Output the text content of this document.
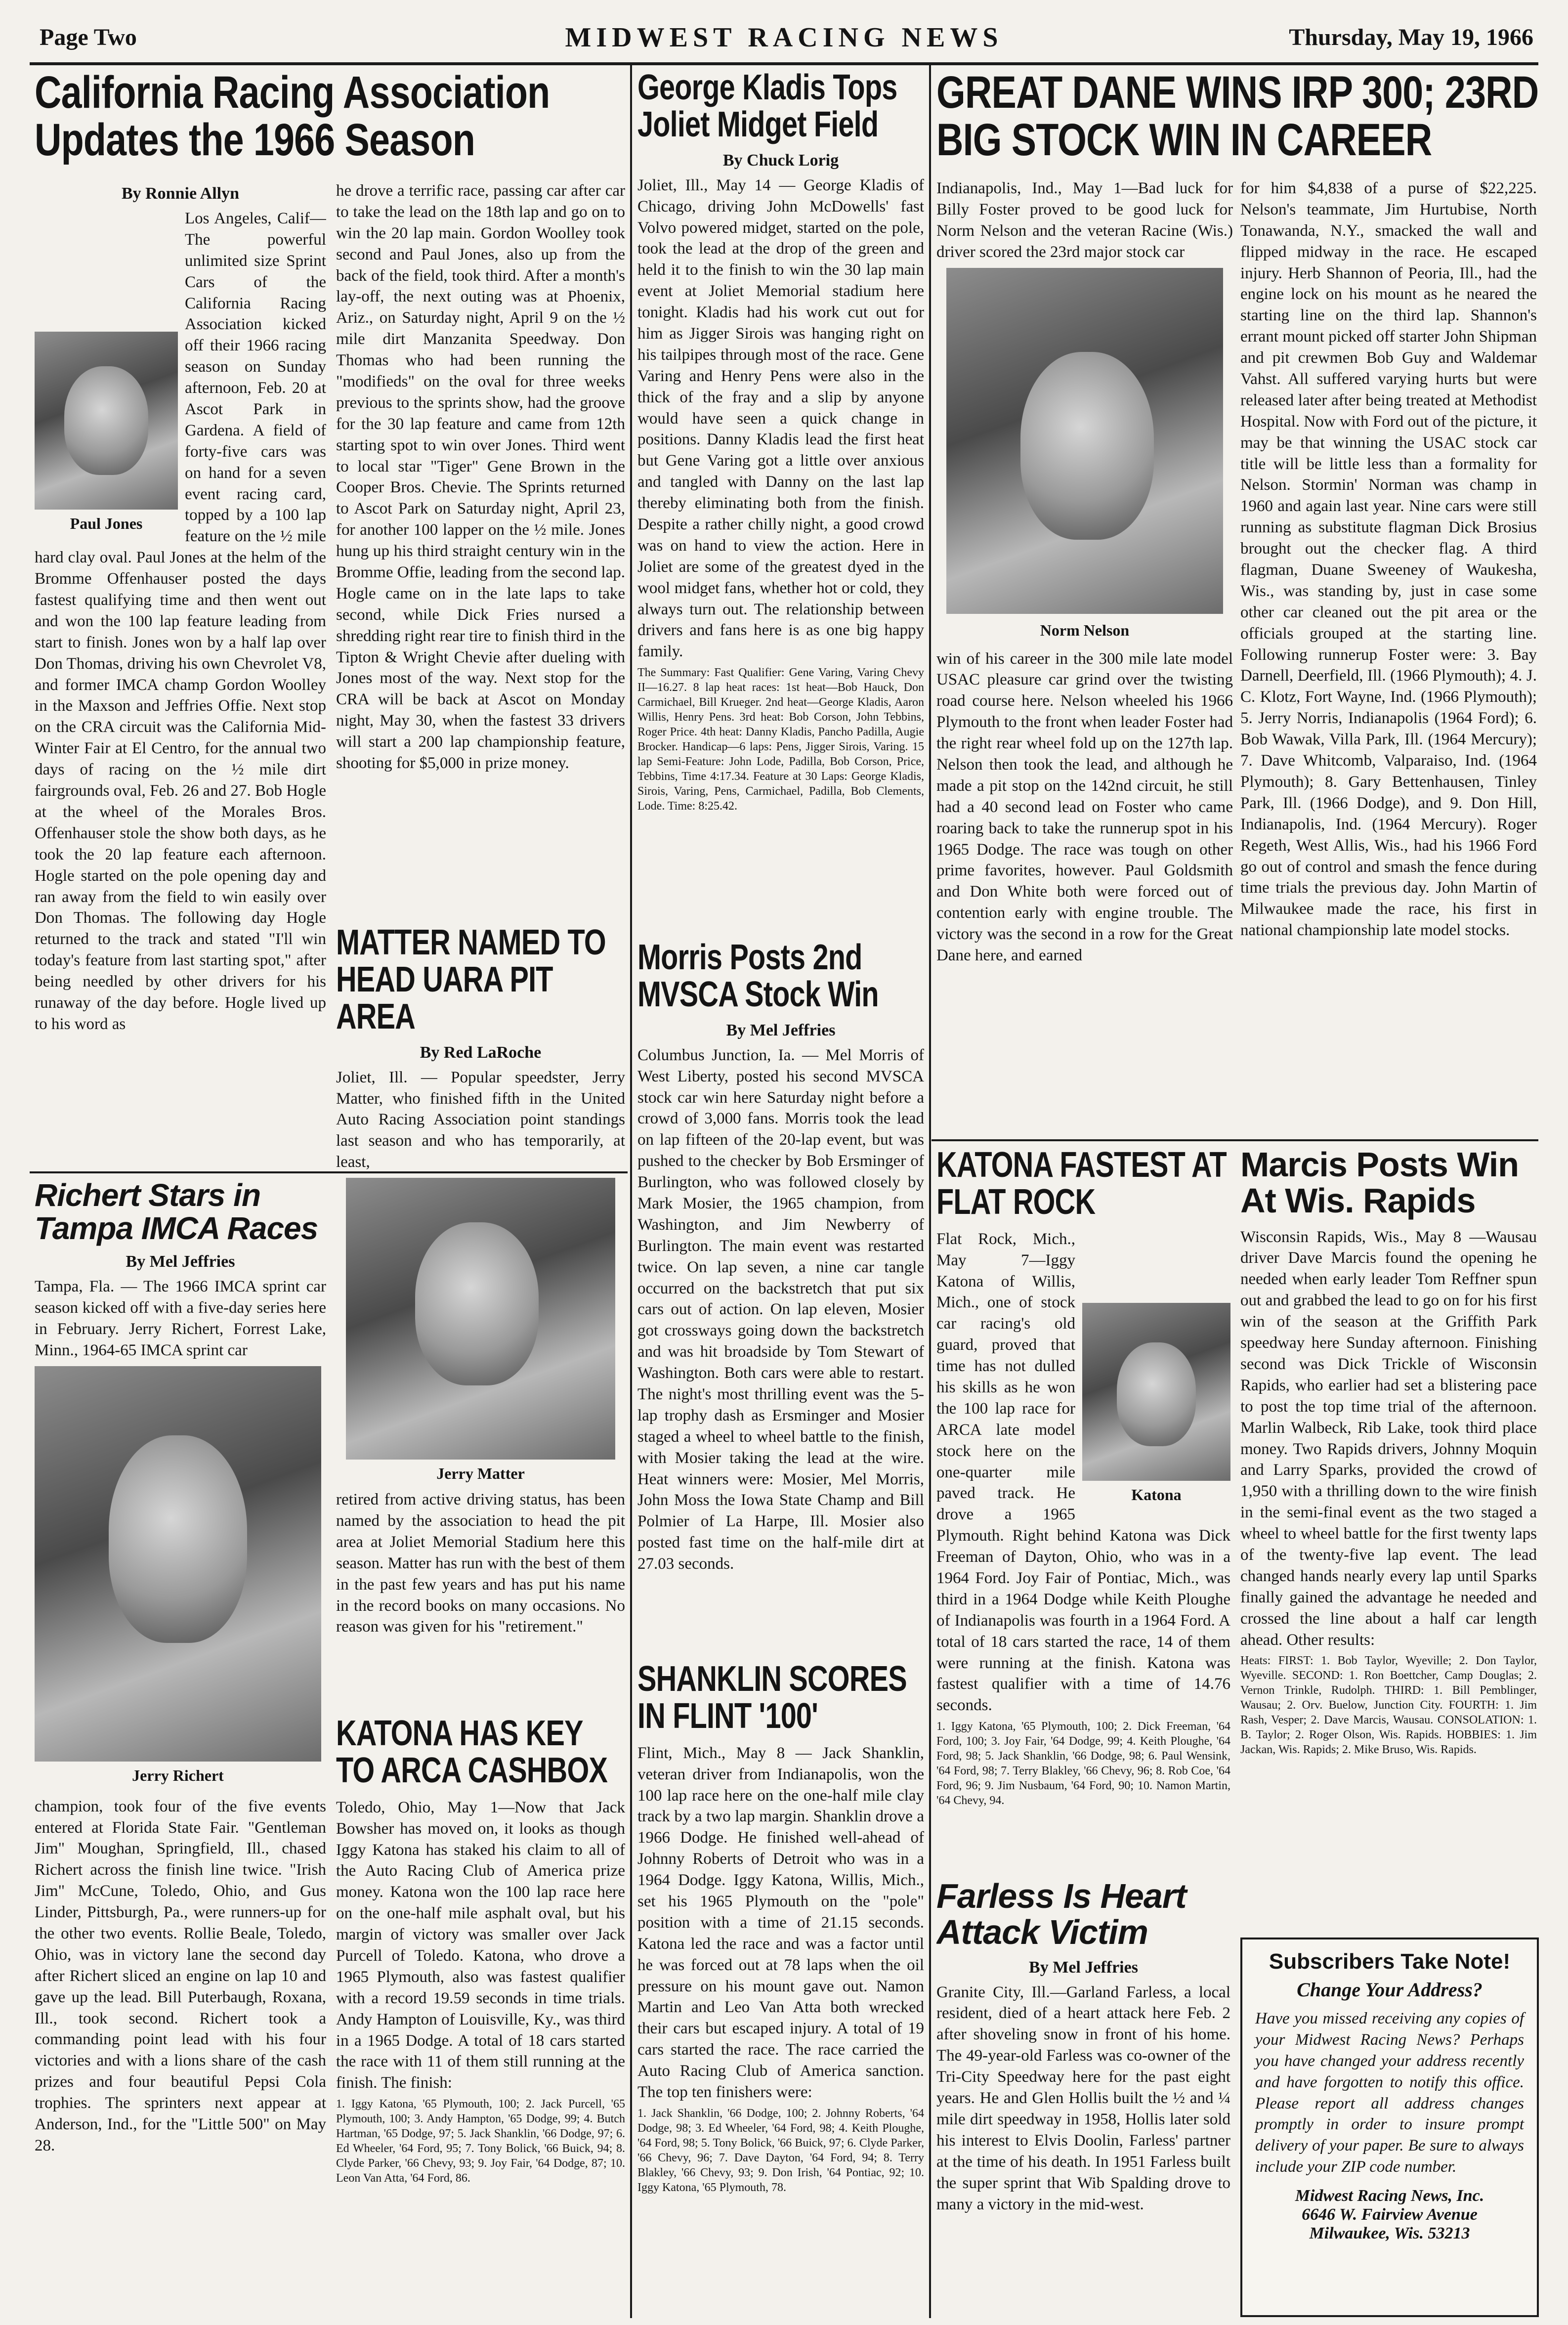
Page Two	MIDWEST RACING NEWS	Thursday, May 19, 1966
California Racing Association Updates the 1966 Season
By Ronnie Allyn
Paul Jones

Los Angeles, Calif—The powerful unlimited size Sprint Cars of the California Racing Association kicked off their 1966 racing season on Sunday afternoon, Feb. 20 at Ascot Park in Gardena. A field of forty-five cars was on hand for a seven event racing card, topped by a 100 lap feature on the ½ mile hard clay oval. Paul Jones at the helm of the Bromme Offenhauser posted the days fastest qualifying time and then went out and won the 100 lap feature leading from start to finish. Jones won by a half lap over Don Thomas, driving his own Chevrolet V8, and former IMCA champ Gordon Woolley in the Maxson and Jeffries Offie. Next stop on the CRA circuit was the California Mid-Winter Fair at El Centro, for the annual two days of racing on the ½ mile dirt fairgrounds oval, Feb. 26 and 27. Bob Hogle at the wheel of the Morales Bros. Offenhauser stole the show both days, as he took the 20 lap feature each afternoon. Hogle started on the pole opening day and ran away from the field to win easily over Don Thomas. The following day Hogle returned to the track and stated "I'll win today's feature from last starting spot," after being needled by other drivers for his runaway of the day before. Hogle lived up to his word as

he drove a terrific race, passing car after car to take the lead on the 18th lap and go on to win the 20 lap main. Gordon Woolley took second and Paul Jones, also up from the back of the field, took third. After a month's lay-off, the next outing was at Phoenix, Ariz., on Saturday night, April 9 on the ½ mile dirt Manzanita Speedway. Don Thomas who had been running the "modifieds" on the oval for three weeks previous to the sprints show, had the groove for the 30 lap feature and came from 12th starting spot to win over Jones. Third went to local star "Tiger" Gene Brown in the Cooper Bros. Chevie. The Sprints returned to Ascot Park on Saturday night, April 23, for another 100 lapper on the ½ mile. Jones hung up his third straight century win in the Bromme Offie, leading from the second lap. Hogle came on in the late laps to take second, while Dick Fries nursed a shredding right rear tire to finish third in the Tipton & Wright Chevie after dueling with Jones most of the way. Next stop for the CRA will be back at Ascot on Monday night, May 30, when the fastest 33 drivers will start a 200 lap championship feature, shooting for $5,000 in prize money.

Richert Stars in Tampa IMCA Races
By Mel Jeffries

Tampa, Fla. — The 1966 IMCA sprint car season kicked off with a five-day series here in February. Jerry Richert, Forrest Lake, Minn., 1964-65 IMCA sprint car

Jerry Richert

champion, took four of the five events entered at Florida State Fair. "Gentleman Jim" Moughan, Springfield, Ill., chased Richert across the finish line twice. "Irish Jim" McCune, Toledo, Ohio, and Gus Linder, Pittsburgh, Pa., were runners-up for the other two events. Rollie Beale, Toledo, Ohio, was in victory lane the second day after Richert sliced an engine on lap 10 and gave up the lead. Bill Puterbaugh, Roxana, Ill., took second. Richert took a commanding point lead with his four victories and with a lions share of the cash prizes and four beautiful Pepsi Cola trophies. The sprinters next appear at Anderson, Ind., for the "Little 500" on May 28.

MATTER NAMED TO HEAD UARA PIT AREA
By Red LaRoche

Joliet, Ill. — Popular speedster, Jerry Matter, who finished fifth in the United Auto Racing Association point standings last season and who has temporarily, at least,

Jerry Matter

retired from active driving status, has been named by the association to head the pit area at Joliet Memorial Stadium here this season. Matter has run with the best of them in the past few years and has put his name in the record books on many occasions. No reason was given for his "retirement."

KATONA HAS KEY TO ARCA CASHBOX

Toledo, Ohio, May 1—Now that Jack Bowsher has moved on, it looks as though Iggy Katona has staked his claim to all of the Auto Racing Club of America prize money. Katona won the 100 lap race here on the one-half mile asphalt oval, but his margin of victory was smaller over Jack Purcell of Toledo. Katona, who drove a 1965 Plymouth, also was fastest qualifier with a record 19.59 seconds in time trials. Andy Hampton of Louisville, Ky., was third in a 1965 Dodge. A total of 18 cars started the race with 11 of them still running at the finish. The finish:

1. Iggy Katona, '65 Plymouth, 100; 2. Jack Purcell, '65 Plymouth, 100; 3. Andy Hampton, '65 Dodge, 99; 4. Butch Hartman, '65 Dodge, 97; 5. Jack Shanklin, '66 Dodge, 97; 6. Ed Wheeler, '64 Ford, 95; 7. Tony Bolick, '66 Buick, 94; 8. Clyde Parker, '66 Chevy, 93; 9. Joy Fair, '64 Dodge, 87; 10. Leon Van Atta, '64 Ford, 86.

George Kladis Tops Joliet Midget Field
By Chuck Lorig

Joliet, Ill., May 14 — George Kladis of Chicago, driving John McDowells' fast Volvo powered midget, started on the pole, took the lead at the drop of the green and held it to the finish to win the 30 lap main event at Joliet Memorial stadium here tonight. Kladis had his work cut out for him as Jigger Sirois was hanging right on his tailpipes through most of the race. Gene Varing and Henry Pens were also in the thick of the fray and a slip by anyone would have seen a quick change in positions. Danny Kladis lead the first heat but Gene Varing got a little over anxious and tangled with Danny on the last lap thereby eliminating both from the finish. Despite a rather chilly night, a good crowd was on hand to view the action. Here in Joliet are some of the greatest dyed in the wool midget fans, whether hot or cold, they always turn out. The relationship between drivers and fans here is as one big happy family.

The Summary: Fast Qualifier: Gene Varing, Varing Chevy II—16.27. 8 lap heat races: 1st heat—Bob Hauck, Don Carmichael, Bill Krueger. 2nd heat—George Kladis, Aaron Willis, Henry Pens. 3rd heat: Bob Corson, John Tebbins, Roger Price. 4th heat: Danny Kladis, Pancho Padilla, Augie Brocker. Handicap—6 laps: Pens, Jigger Sirois, Varing. 15 lap Semi-Feature: John Lode, Padilla, Bob Corson, Price, Tebbins, Time 4:17.34. Feature at 30 Laps: George Kladis, Sirois, Varing, Pens, Carmichael, Padilla, Bob Clements, Lode. Time: 8:25.42.

Morris Posts 2nd MVSCA Stock Win
By Mel Jeffries

Columbus Junction, Ia. — Mel Morris of West Liberty, posted his second MVSCA stock car win here Saturday night before a crowd of 3,000 fans. Morris took the lead on lap fifteen of the 20-lap event, but was pushed to the checker by Bob Ersminger of Burlington, who was followed closely by Mark Mosier, the 1965 champion, from Washington, and Jim Newberry of Burlington. The main event was restarted twice. On lap seven, a nine car tangle occurred on the backstretch that put six cars out of action. On lap eleven, Mosier got crossways going down the backstretch and was hit broadside by Tom Stewart of Washington. Both cars were able to restart. The night's most thrilling event was the 5-lap trophy dash as Ersminger and Mosier staged a wheel to wheel battle to the finish, with Mosier taking the lead at the wire. Heat winners were: Mosier, Mel Morris, John Moss the Iowa State Champ and Bill Polmier of La Harpe, Ill. Mosier also posted fast time on the half-mile dirt at 27.03 seconds.

SHANKLIN SCORES IN FLINT '100'

Flint, Mich., May 8 — Jack Shanklin, veteran driver from Indianapolis, won the 100 lap race here on the one-half mile clay track by a two lap margin. Shanklin drove a 1966 Dodge. He finished well-ahead of Johnny Roberts of Detroit who was in a 1964 Dodge. Iggy Katona, Willis, Mich., set his 1965 Plymouth on the "pole" position with a time of 21.15 seconds. Katona led the race and was a factor until he was forced out at 78 laps when the oil pressure on his mount gave out. Namon Martin and Leo Van Atta both wrecked their cars but escaped injury. A total of 19 cars started the race. The race carried the Auto Racing Club of America sanction. The top ten finishers were:

1. Jack Shanklin, '66 Dodge, 100; 2. Johnny Roberts, '64 Dodge, 98; 3. Ed Wheeler, '64 Ford, 98; 4. Keith Ploughe, '64 Ford, 98; 5. Tony Bolick, '66 Buick, 97; 6. Clyde Parker, '66 Chevy, 96; 7. Dave Dayton, '64 Ford, 94; 8. Terry Blakley, '66 Chevy, 93; 9. Don Irish, '64 Pontiac, 92; 10. Iggy Katona, '65 Plymouth, 78.

GREAT DANE WINS IRP 300; 23RD BIG STOCK WIN IN CAREER

Indianapolis, Ind., May 1—Bad luck for Billy Foster proved to be good luck for Norm Nelson and the veteran Racine (Wis.) driver scored the 23rd major stock car

Norm Nelson

win of his career in the 300 mile late model USAC pleasure car grind over the twisting road course here. Nelson wheeled his 1966 Plymouth to the front when leader Foster had the right rear wheel fold up on the 127th lap. Nelson then took the lead, and although he made a pit stop on the 142nd circuit, he still had a 40 second lead on Foster who came roaring back to take the runnerup spot in his 1965 Dodge. The race was tough on other prime favorites, however. Paul Goldsmith and Don White both were forced out of contention early with engine trouble. The victory was the second in a row for the Great Dane here, and earned

for him $4,838 of a purse of $22,225. Nelson's teammate, Jim Hurtubise, North Tonawanda, N.Y., smacked the wall and flipped midway in the race. He escaped injury. Herb Shannon of Peoria, Ill., had the engine lock on his mount as he neared the starting line on the third lap. Shannon's errant mount picked off starter John Shipman and pit crewmen Bob Guy and Waldemar Vahst. All suffered varying hurts but were released later after being treated at Methodist Hospital. Now with Ford out of the picture, it may be that winning the USAC stock car title will be little less than a formality for Nelson. Stormin' Norman was champ in 1960 and again last year. Nine cars were still running as substitute flagman Dick Brosius brought out the checker flag. A third flagman, Duane Sweeney of Waukesha, Wis., was standing by, just in case some other car cleaned out the pit area or the officials grouped at the starting line. Following runnerup Foster were: 3. Bay Darnell, Deerfield, Ill. (1966 Plymouth); 4. J. C. Klotz, Fort Wayne, Ind. (1966 Plymouth); 5. Jerry Norris, Indianapolis (1964 Ford); 6. Bob Wawak, Villa Park, Ill. (1964 Mercury); 7. Dave Whitcomb, Valparaiso, Ind. (1964 Plymouth); 8. Gary Bettenhausen, Tinley Park, Ill. (1966 Dodge), and 9. Don Hill, Indianapolis, Ind. (1964 Mercury). Roger Regeth, West Allis, Wis., had his 1966 Ford go out of control and smash the fence during time trials the previous day. John Martin of Milwaukee made the race, his first in national championship late model stocks.

KATONA FASTEST AT FLAT ROCK
Katona

Flat Rock, Mich., May 7—Iggy Katona of Willis, Mich., one of stock car racing's old guard, proved that time has not dulled his skills as he won the 100 lap race for ARCA late model stock here on the one-quarter mile paved track. He drove a 1965 Plymouth. Right behind Katona was Dick Freeman of Dayton, Ohio, who was in a 1964 Ford. Joy Fair of Pontiac, Mich., was third in a 1964 Dodge while Keith Ploughe of Indianapolis was fourth in a 1964 Ford. A total of 18 cars started the race, 14 of them were running at the finish. Katona was fastest qualifier with a time of 14.76 seconds.

1. Iggy Katona, '65 Plymouth, 100; 2. Dick Freeman, '64 Ford, 100; 3. Joy Fair, '64 Dodge, 99; 4. Keith Ploughe, '64 Ford, 98; 5. Jack Shanklin, '66 Dodge, 98; 6. Paul Wensink, '64 Ford, 98; 7. Terry Blakley, '66 Chevy, 96; 8. Rob Coe, '64 Ford, 96; 9. Jim Nusbaum, '64 Ford, 90; 10. Namon Martin, '64 Chevy, 94.

Farless Is Heart Attack Victim
By Mel Jeffries

Granite City, Ill.—Garland Farless, a local resident, died of a heart attack here Feb. 2 after shoveling snow in front of his home. The 49-year-old Farless was co-owner of the Tri-City Speedway here for the past eight years. He and Glen Hollis built the ½ and ¼ mile dirt speedway in 1958, Hollis later sold his interest to Elvis Doolin, Farless' partner at the time of his death. In 1951 Farless built the super sprint that Wib Spalding drove to many a victory in the mid-west.

Marcis Posts Win At Wis. Rapids

Wisconsin Rapids, Wis., May 8 —Wausau driver Dave Marcis found the opening he needed when early leader Tom Reffner spun out and grabbed the lead to go on for his first win of the season at the Griffith Park speedway here Sunday afternoon. Finishing second was Dick Trickle of Wisconsin Rapids, who earlier had set a blistering pace to post the top time trial of the afternoon. Marlin Walbeck, Rib Lake, took third place money. Two Rapids drivers, Johnny Moquin and Larry Sparks, provided the crowd of 1,950 with a thrilling down to the wire finish in the semi-final event as the two staged a wheel to wheel battle for the first twenty laps of the twenty-five lap event. The lead changed hands nearly every lap until Sparks finally gained the advantage he needed and crossed the line about a half car length ahead. Other results:

Heats: FIRST: 1. Bob Taylor, Wyeville; 2. Don Taylor, Wyeville. SECOND: 1. Ron Boettcher, Camp Douglas; 2. Vernon Trinkle, Rudolph. THIRD: 1. Bill Pemblinger, Wausau; 2. Orv. Buelow, Junction City. FOURTH: 1. Jim Rash, Vesper; 2. Dave Marcis, Wausau. CONSOLATION: 1. B. Taylor; 2. Roger Olson, Wis. Rapids. HOBBIES: 1. Jim Jackan, Wis. Rapids; 2. Mike Bruso, Wis. Rapids.

Subscribers Take Note!
Change Your Address?

Have you missed receiving any copies of your Midwest Racing News? Perhaps you have changed your address recently and have forgotten to notify this office. Please report all address changes promptly in order to insure prompt delivery of your paper. Be sure to always include your ZIP code number.

Midwest Racing News, Inc.
6646 W. Fairview Avenue
Milwaukee, Wis. 53213
